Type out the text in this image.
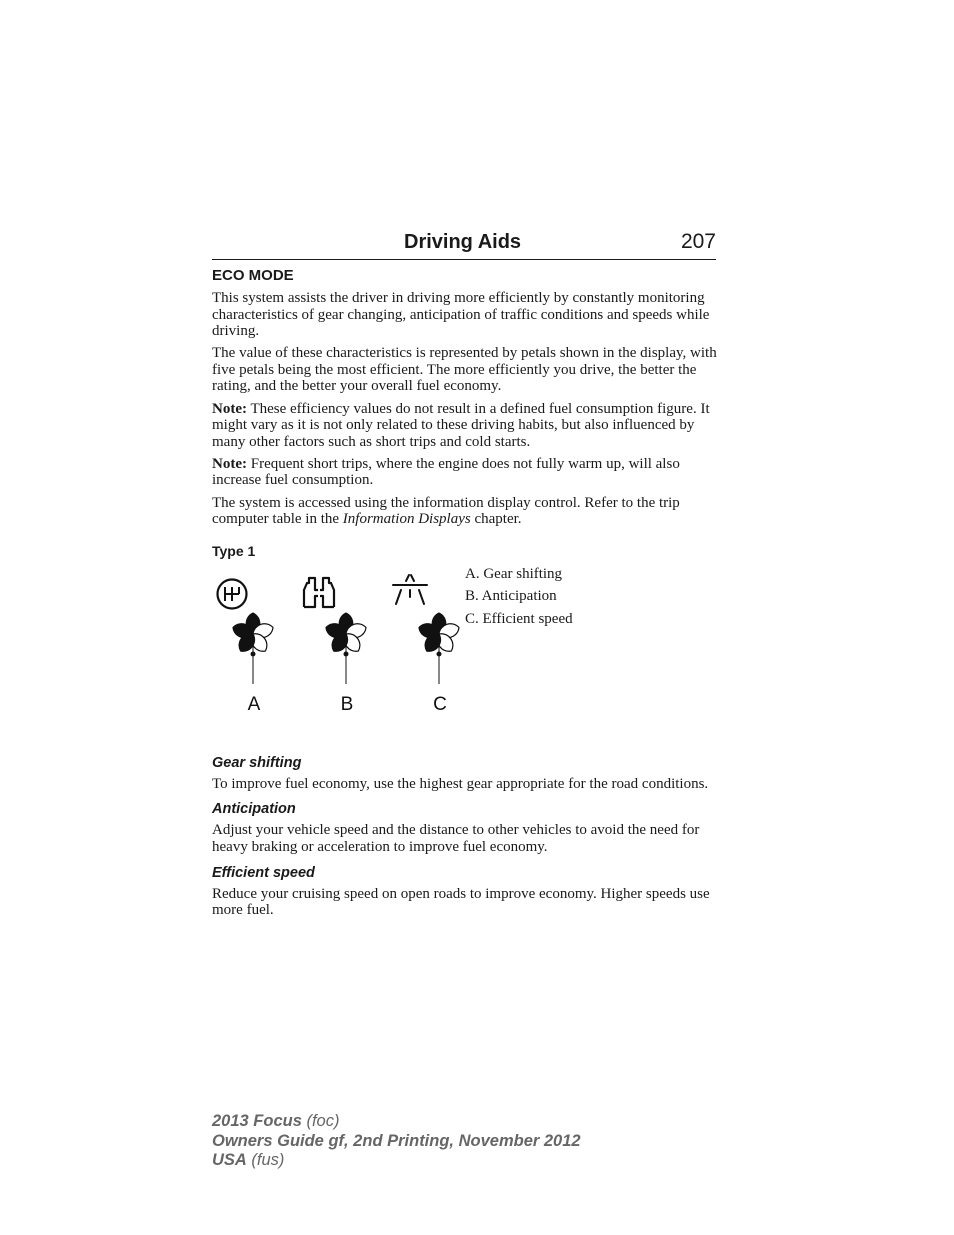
Driving Aids	207
ECO MODE

This system assists the driver in driving more efficiently by constantly monitoring characteristics of gear changing, anticipation of traffic conditions and speeds while driving.

The value of these characteristics is represented by petals shown in the display, with five petals being the most efficient. The more efficiently you drive, the better the rating, and the better your overall fuel economy.

Note: These efficiency values do not result in a defined fuel consumption figure. It might vary as it is not only related to these driving habits, but also influenced by many other factors such as short trips and cold starts.

Note: Frequent short trips, where the engine does not fully warm up, will also increase fuel consumption.

The system is accessed using the information display control. Refer to the trip computer table in the Information Displays chapter.

Type 1
A	B	C
A. Gear shifting
B. Anticipation
C. Efficient speed
Gear shifting

To improve fuel economy, use the highest gear appropriate for the road conditions.

Anticipation

Adjust your vehicle speed and the distance to other vehicles to avoid the need for heavy braking or acceleration to improve fuel economy.

Efficient speed

Reduce your cruising speed on open roads to improve economy. Higher speeds use more fuel.

2013 Focus (foc)
Owners Guide gf, 2nd Printing, November 2012
USA (fus)
